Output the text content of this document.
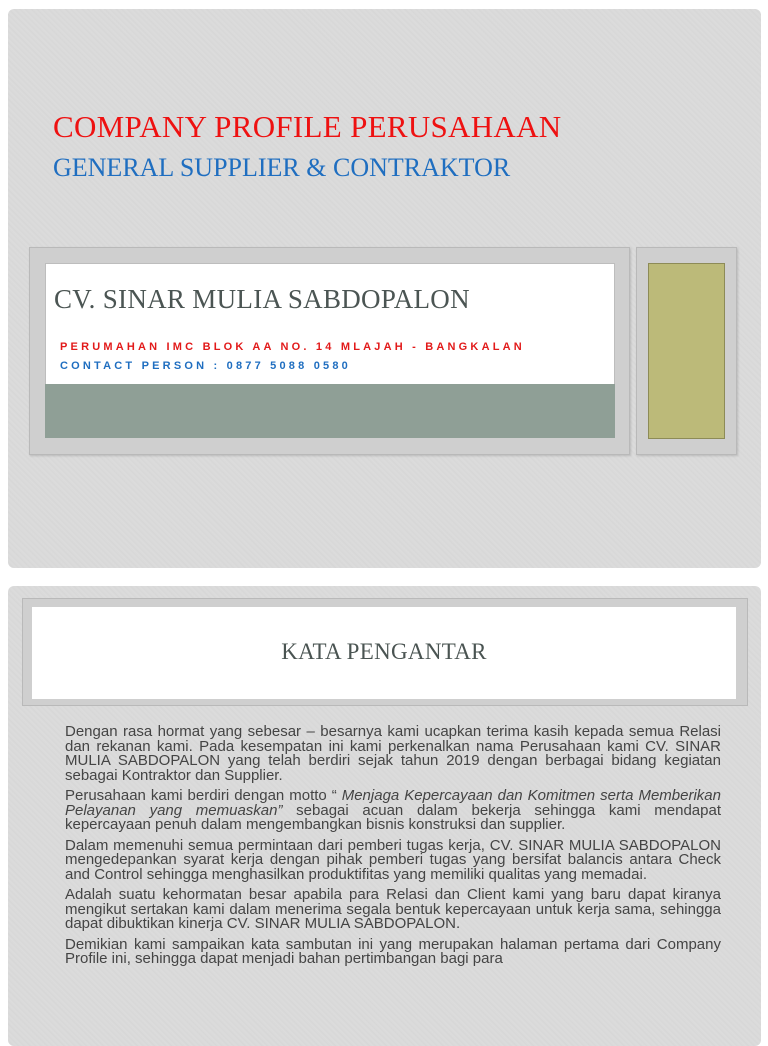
COMPANY PROFILE PERUSAHAAN
GENERAL SUPPLIER & CONTRAKTOR
CV. SINAR MULIA SABDOPALON

PERUMAHAN IMC BLOK AA NO. 14 MLAJAH - BANGKALAN

CONTACT PERSON : 0877 5088 0580

KATA PENGANTAR

Dengan rasa hormat yang sebesar – besarnya kami ucapkan terima kasih kepada semua Relasi dan rekanan kami. Pada kesempatan ini kami perkenalkan nama Perusahaan kami CV. SINAR MULIA SABDOPALON yang telah berdiri sejak tahun 2019 dengan berbagai bidang kegiatan sebagai Kontraktor dan Supplier.

Perusahaan kami berdiri dengan motto “ Menjaga Kepercayaan dan Komitmen serta Memberikan Pelayanan yang memuaskan” sebagai acuan dalam bekerja sehingga kami mendapat kepercayaan penuh dalam mengembangkan bisnis konstruksi dan supplier.

Dalam memenuhi semua permintaan dari pemberi tugas kerja, CV. SINAR MULIA SABDOPALON mengedepankan syarat kerja dengan pihak pemberi tugas yang bersifat balancis antara Check and Control sehingga menghasilkan produktifitas yang memiliki qualitas yang memadai.

Adalah suatu kehormatan besar apabila para Relasi dan Client kami yang baru dapat kiranya mengikut sertakan kami dalam menerima segala bentuk kepercayaan untuk kerja sama, sehingga dapat dibuktikan kinerja CV. SINAR MULIA SABDOPALON.

Demikian kami sampaikan kata sambutan ini yang merupakan halaman pertama dari Company Profile ini, sehingga dapat menjadi bahan pertimbangan bagi para
